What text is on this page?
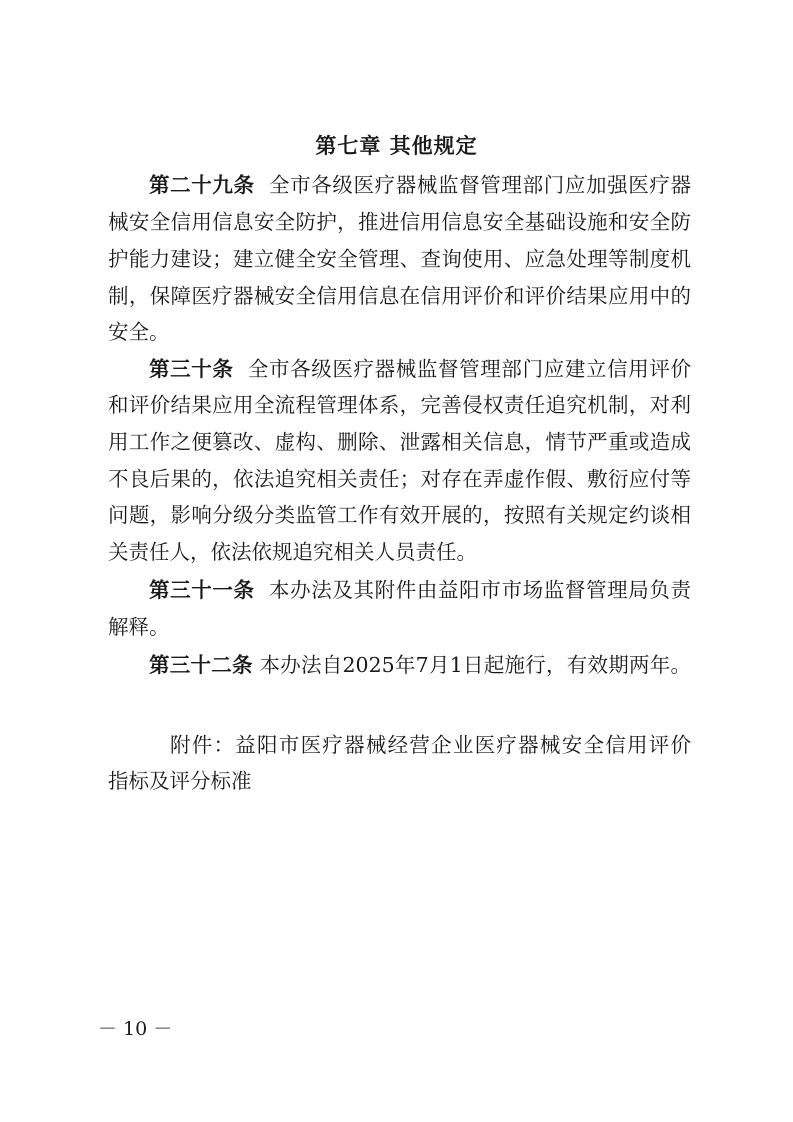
第七章 其他规定
第二十九条 全市各级医疗器械监督管理部门应加强医疗器
械安全信用信息安全防护，推进信用信息安全基础设施和安全防
护能力建设；建立健全安全管理、查询使用、应急处理等制度机
制，保障医疗器械安全信用信息在信用评价和评价结果应用中的
安全。
第三十条 全市各级医疗器械监督管理部门应建立信用评价
和评价结果应用全流程管理体系，完善侵权责任追究机制，对利
用工作之便篡改、虚构、删除、泄露相关信息，情节严重或造成
不良后果的，依法追究相关责任；对存在弄虚作假、敷衍应付等
问题，影响分级分类监管工作有效开展的，按照有关规定约谈相
关责任人，依法依规追究相关人员责任。
第三十一条 本办法及其附件由益阳市市场监督管理局负责
解释。
第三十二条 本办法自2025年7月1日起施行，有效期两年。
附件：益阳市医疗器械经营企业医疗器械安全信用评价
指标及评分标准
－ 10 －
